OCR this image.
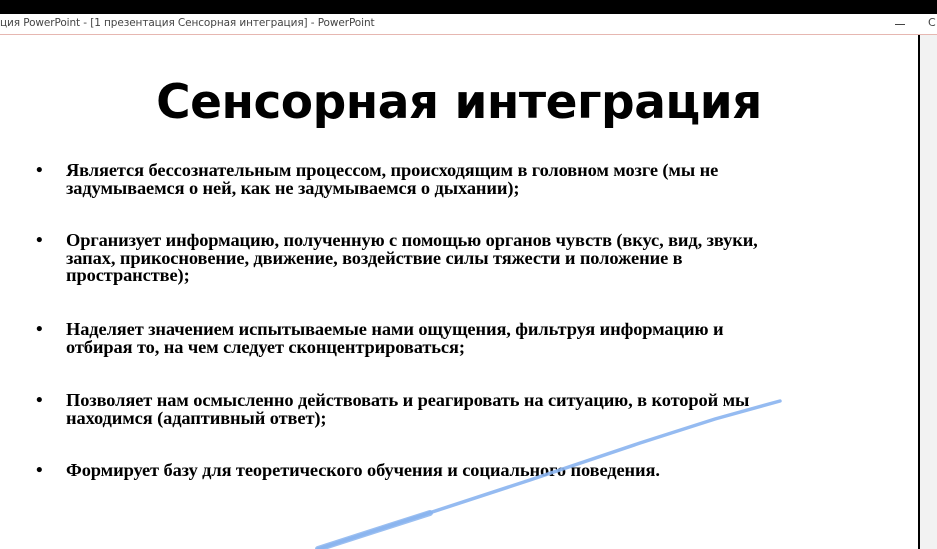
ция PowerPoint - [1 презентация Сенсорная интеграция] - PowerPoint	C
Сенсорная интеграция
• Является бессознательным процессом, происходящим в головном мозге (мы не
задумываемся о ней, как не задумываемся о дыхании);
• Организует информацию, полученную с помощью органов чувств (вкус, вид, звуки,
запах, прикосновение, движение, воздействие силы тяжести и положение в
пространстве);
• Наделяет значением испытываемые нами ощущения, фильтруя информацию и
отбирая то, на чем следует сконцентрироваться;
• Позволяет нам осмысленно действовать и реагировать на ситуацию, в которой мы
находимся (адаптивный ответ);
• Формирует базу для теоретического обучения и социального поведения.
